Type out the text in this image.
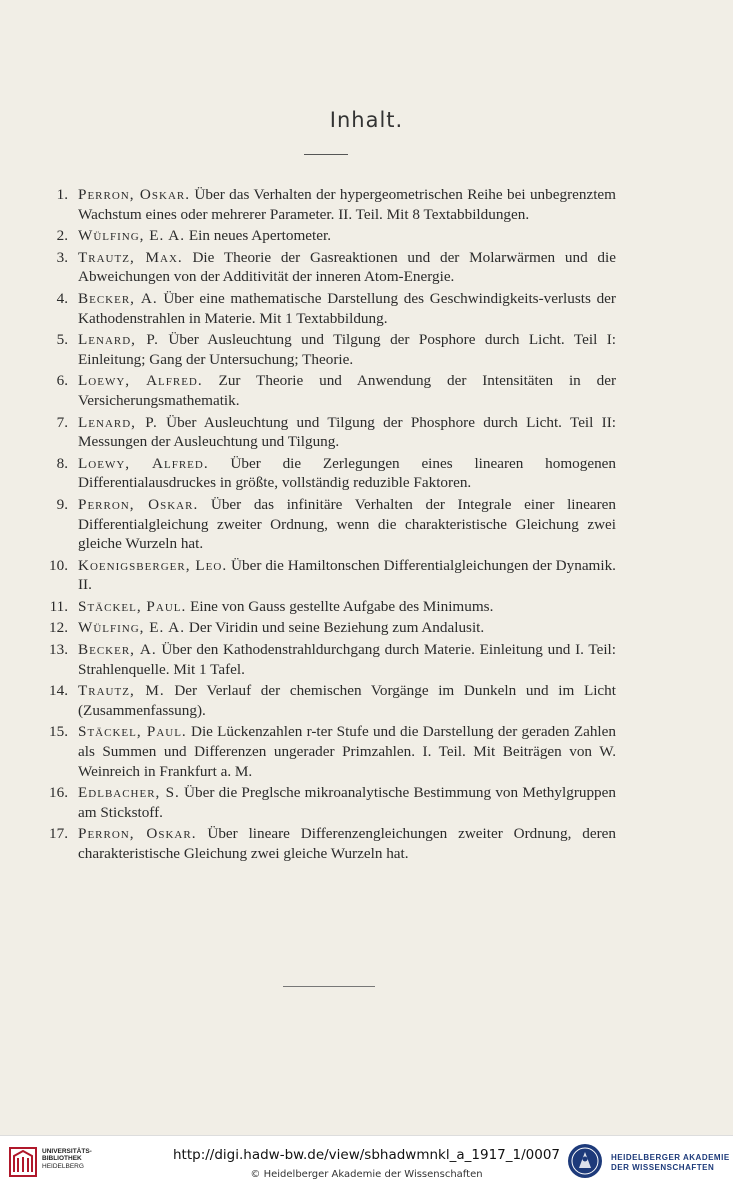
Inhalt.
1. Perron, Oskar. Über das Verhalten der hypergeometrischen Reihe bei unbegrenztem Wachstum eines oder mehrerer Parameter. II. Teil. Mit 8 Textabbildungen.
2. Wülfing, E. A. Ein neues Apertometer.
3. Trautz, Max. Die Theorie der Gasreaktionen und der Molarwärmen und die Abweichungen von der Additivität der inneren Atom-Energie.
4. Becker, A. Über eine mathematische Darstellung des Geschwindigkeits-verlusts der Kathodenstrahlen in Materie. Mit 1 Textabbildung.
5. Lenard, P. Über Ausleuchtung und Tilgung der Posphore durch Licht. Teil I: Einleitung; Gang der Untersuchung; Theorie.
6. Loewy, Alfred. Zur Theorie und Anwendung der Intensitäten in der Versicherungsmathematik.
7. Lenard, P. Über Ausleuchtung und Tilgung der Phosphore durch Licht. Teil II: Messungen der Ausleuchtung und Tilgung.
8. Loewy, Alfred. Über die Zerlegungen eines linearen homogenen Differentialausdruckes in größte, vollständig reduzible Faktoren.
9. Perron, Oskar. Über das infinitäre Verhalten der Integrale einer linearen Differentialgleichung zweiter Ordnung, wenn die charakteristische Gleichung zwei gleiche Wurzeln hat.
10. Koenigsberger, Leo. Über die Hamiltonschen Differentialgleichungen der Dynamik. II.
11. Stäckel, Paul. Eine von Gauss gestellte Aufgabe des Minimums.
12. Wülfing, E. A. Der Viridin und seine Beziehung zum Andalusit.
13. Becker, A. Über den Kathodenstrahldurchgang durch Materie. Einleitung und I. Teil: Strahlenquelle. Mit 1 Tafel.
14. Trautz, M. Der Verlauf der chemischen Vorgänge im Dunkeln und im Licht (Zusammenfassung).
15. Stäckel, Paul. Die Lückenzahlen r-ter Stufe und die Darstellung der geraden Zahlen als Summen und Differenzen ungerader Primzahlen. I. Teil. Mit Beiträgen von W. Weinreich in Frankfurt a. M.
16. Edlbacher, S. Über die Preglsche mikroanalytische Bestimmung von Methylgruppen am Stickstoff.
17. Perron, Oskar. Über lineare Differenzengleichungen zweiter Ordnung, deren charakteristische Gleichung zwei gleiche Wurzeln hat.
UNIVERSITÄTS-
BIBLIOTHEK
HEIDELBERG
http://digi.hadw-bw.de/view/sbhadwmnkl_a_1917_1/0007
© Heidelberger Akademie der Wissenschaften
HEIDELBERGER AKADEMIE
DER WISSENSCHAFTEN
